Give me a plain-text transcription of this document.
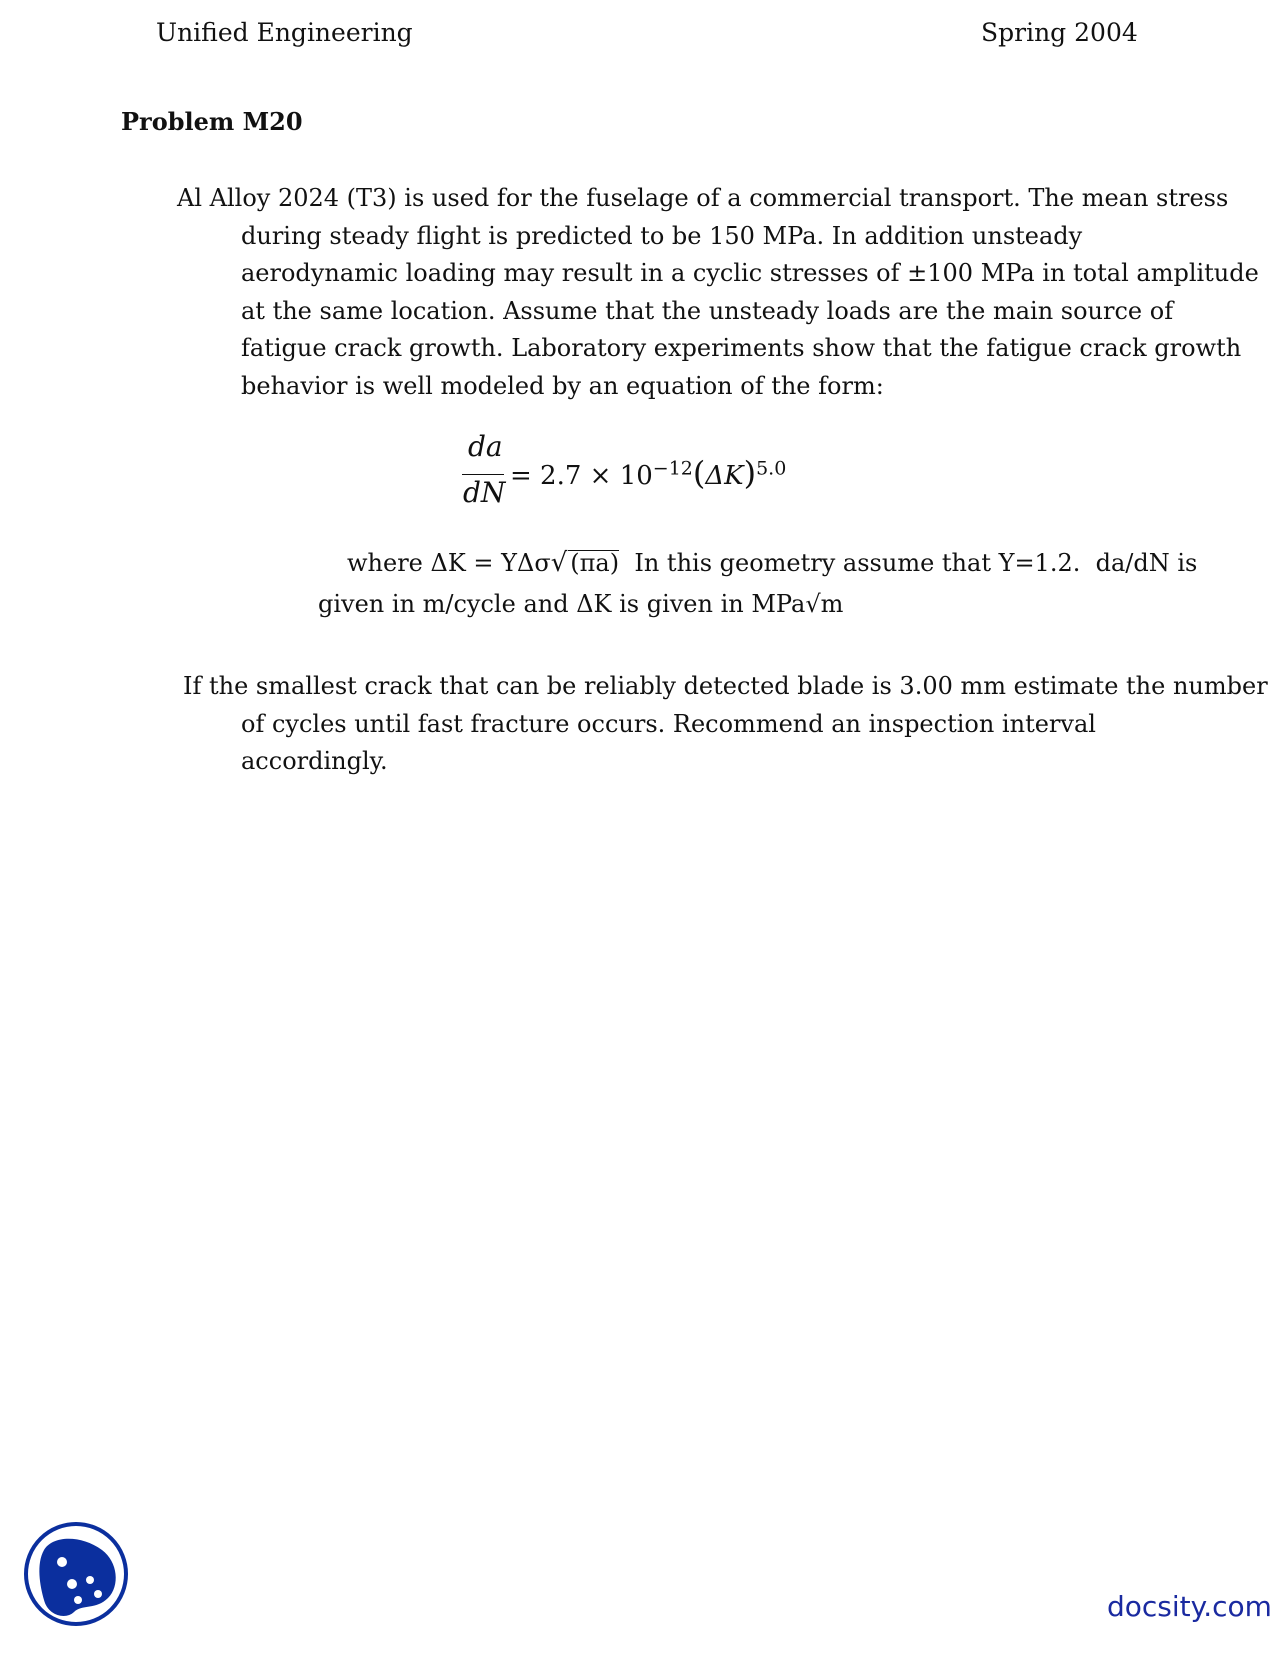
Unified Engineering	Spring 2004
Problem M20
Al Alloy 2024 (T3) is used for the fuselage of a commercial transport. The mean stress
during steady flight is predicted to be 150 MPa. In addition unsteady
aerodynamic loading may result in a cyclic stresses of ±100 MPa in total amplitude
at the same location. Assume that the unsteady loads are the main source of
fatigue crack growth. Laboratory experiments show that the fatigue crack growth
behavior is well modeled by an equation of the form:
da
dN = $2.7 \times 10^{-12}(\Delta K)^{5.0}$
where ΔK = YΔσ√ (πa)  In this geometry assume that Y=1.2.  da/dN is
given in m/cycle and ΔK is given in MPa√m
If the smallest crack that can be reliably detected blade is 3.00 mm estimate the number
of cycles until fast fracture occurs. Recommend an inspection interval
accordingly.
docsity.com
